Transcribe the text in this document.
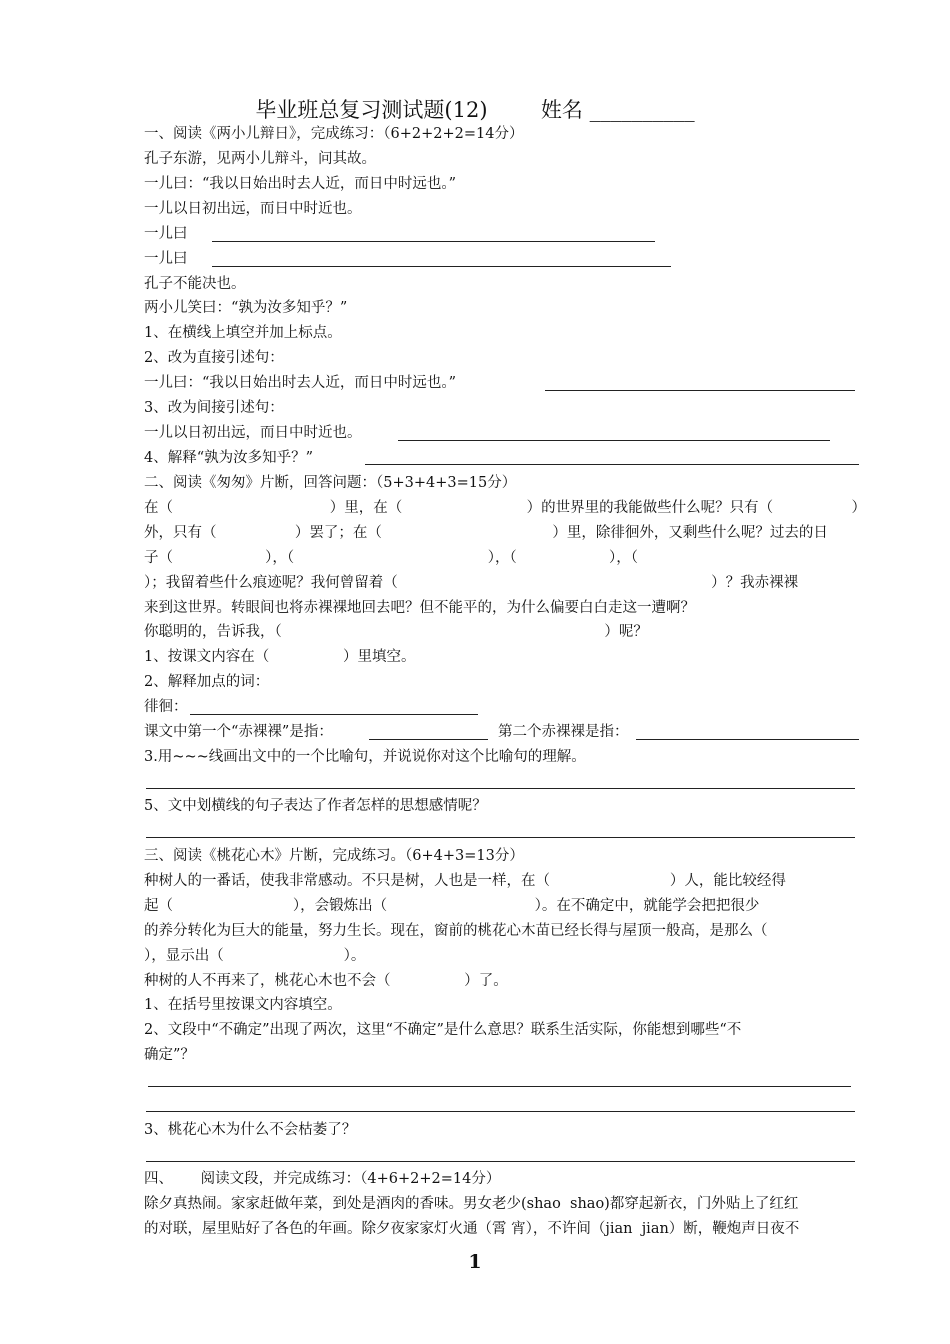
毕业班总复习测试题(12)        姓名 __________
一、阅读《两小儿辩日》，完成练习：（6+2+2+2=14分）
孔子东游，见两小儿辩斗，问其故。
一儿曰：“我以日始出时去人近，而日中时远也。”
一儿以日初出远，而日中时近也。
一儿曰
一儿曰
孔子不能决也。
两小儿笑曰：“孰为汝多知乎？”
1、在横线上填空并加上标点。
2、改为直接引述句：
一儿曰：“我以日始出时去人近，而日中时远也。”
3、改为间接引述句：
一儿以日初出远，而日中时近也。
4、解释“孰为汝多知乎？”
二、阅读《匆匆》片断，回答问题：（5+3+4+3=15分）
在（                                  ）里，在（                           ）的世界里的我能做些什么呢？只有（                 ）
外，只有（                 ）罢了；在（                                     ）里，除徘徊外，又剩些什么呢？过去的日
子（                    ），（                                          ），（                    ），（
）；我留着些什么痕迹呢？我何曾留着（                                                                    ）？我赤裸裸
来到这世界。转眼间也将赤裸裸地回去吧？但不能平的，为什么偏要白白走这一遭啊？
你聪明的，告诉我，（                                                                      ）呢？
1、按课文内容在（                ）里填空。
2、解释加点的词：
徘徊：
课文中第一个“赤裸裸”是指：	第二个赤裸裸是指：
3.用~~~线画出文中的一个比喻句，并说说你对这个比喻句的理解。
5、文中划横线的句子表达了作者怎样的思想感情呢？
三、阅读《桃花心木》片断，完成练习。（6+4+3=13分）
种树人的一番话，使我非常感动。不只是树，人也是一样，在（                          ）人，能比较经得
起（                          ），会锻炼出（                                ）。在不确定中，就能学会把把很少
的养分转化为巨大的能量，努力生长。现在，窗前的桃花心木苗已经长得与屋顶一般高，是那么（
），显示出（                          ）。
种树的人不再来了，桃花心木也不会（                ）了。
1、在括号里按课文内容填空。
2、文段中“不确定”出现了两次，这里“不确定”是什么意思？联系生活实际，你能想到哪些“不
确定”？
3、桃花心木为什么不会枯萎了？
四、      阅读文段，并完成练习：（4+6+2+2=14分）
除夕真热闹。家家赶做年菜，到处是酒肉的香味。男女老少(shao  shao)都穿起新衣，门外贴上了红红
的对联，屋里贴好了各色的年画。除夕夜家家灯火通（霄 宵），不许间（jian  jian）断，鞭炮声日夜不
1
